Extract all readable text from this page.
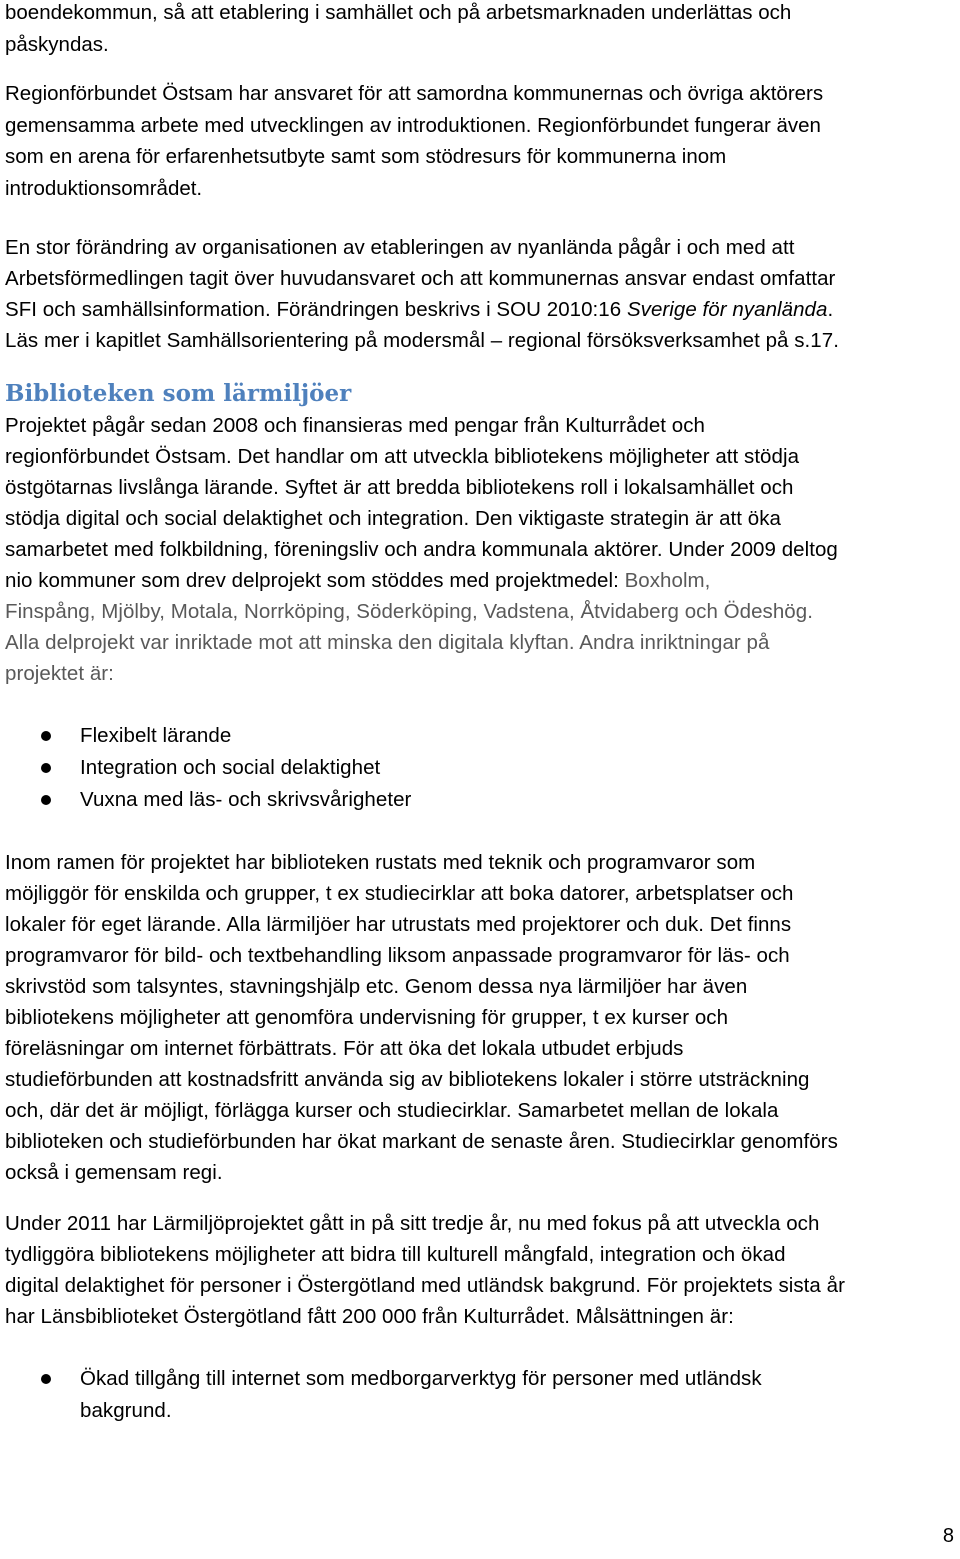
boendekommun, så att etablering i samhället och på arbetsmarknaden underlättas och
påskyndas.

Regionförbundet Östsam har ansvaret för att samordna kommunernas och övriga aktörers
gemensamma arbete med utvecklingen av introduktionen. Regionförbundet fungerar även
som en arena för erfarenhetsutbyte samt som stödresurs för kommunerna inom
introduktionsområdet.

En stor förändring av organisationen av etableringen av nyanlända pågår i och med att
Arbetsförmedlingen tagit över huvudansvaret och att kommunernas ansvar endast omfattar
SFI och samhällsinformation. Förändringen beskrivs i SOU 2010:16 Sverige för nyanlända.
Läs mer i kapitlet Samhällsorientering på modersmål – regional försöksverksamhet på s.17.

Biblioteken som lärmiljöer

Projektet pågår sedan 2008 och finansieras med pengar från Kulturrådet och
regionförbundet Östsam. Det handlar om att utveckla bibliotekens möjligheter att stödja
östgötarnas livslånga lärande. Syftet är att bredda bibliotekens roll i lokalsamhället och
stödja digital och social delaktighet och integration. Den viktigaste strategin är att öka
samarbetet med folkbildning, föreningsliv och andra kommunala aktörer. Under 2009 deltog
nio kommuner som drev delprojekt som stöddes med projektmedel: Boxholm,
Finspång, Mjölby, Motala, Norrköping, Söderköping, Vadstena, Åtvidaberg och Ödeshög.
Alla delprojekt var inriktade mot att minska den digitala klyftan. Andra inriktningar på
projektet är:

Flexibelt lärande
Integration och social delaktighet
Vuxna med läs- och skrivsvårigheter

Inom ramen för projektet har biblioteken rustats med teknik och programvaror som
möjliggör för enskilda och grupper, t ex studiecirklar att boka datorer, arbetsplatser och
lokaler för eget lärande. Alla lärmiljöer har utrustats med projektorer och duk. Det finns
programvaror för bild- och textbehandling liksom anpassade programvaror för läs- och
skrivstöd som talsyntes, stavningshjälp etc. Genom dessa nya lärmiljöer har även
bibliotekens möjligheter att genomföra undervisning för grupper, t ex kurser och
föreläsningar om internet förbättrats. För att öka det lokala utbudet erbjuds
studieförbunden att kostnadsfritt använda sig av bibliotekens lokaler i större utsträckning
och, där det är möjligt, förlägga kurser och studiecirklar. Samarbetet mellan de lokala
biblioteken och studieförbunden har ökat markant de senaste åren. Studiecirklar genomförs
också i gemensam regi.

Under 2011 har Lärmiljöprojektet gått in på sitt tredje år, nu med fokus på att utveckla och
tydliggöra bibliotekens möjligheter att bidra till kulturell mångfald, integration och ökad
digital delaktighet för personer i Östergötland med utländsk bakgrund. För projektets sista år
har Länsbiblioteket Östergötland fått 200 000 från Kulturrådet. Målsättningen är:

Ökad tillgång till internet som medborgarverktyg för personer med utländsk
bakgrund.
8
